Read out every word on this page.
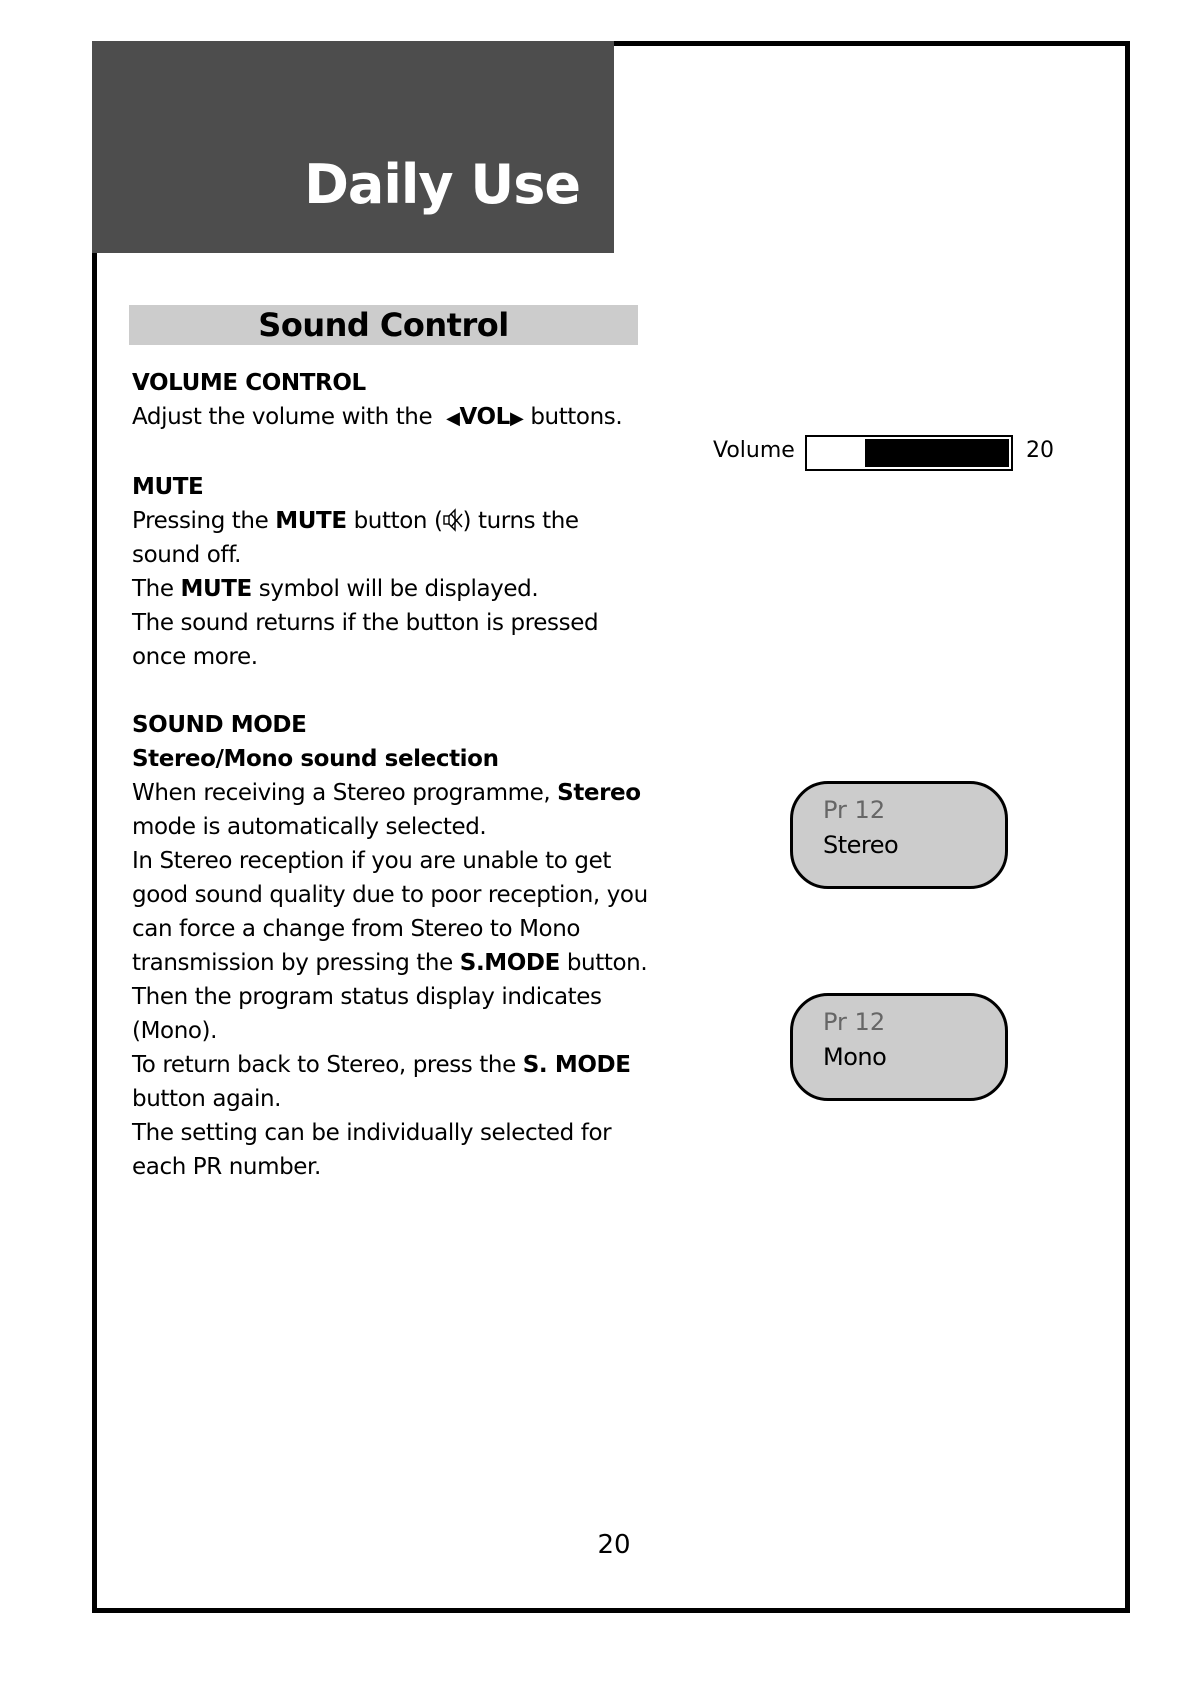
Daily Use
Sound Control

VOLUME CONTROL

Adjust the volume with the ◀VOL▶ buttons.

MUTE

Pressing the MUTE button ( ) turns the sound off.

The MUTE symbol will be displayed.

The sound returns if the button is pressed once more.

SOUND MODE

Stereo/Mono sound selection

When receiving a Stereo programme, Stereo mode is automatically selected.

In Stereo reception if you are unable to get good sound quality due to poor reception, you can force a change from Stereo to Mono transmission by pressing the S.MODE button.

Then the program status display indicates (Mono).

To return back to Stereo, press the S. MODE button again.

The setting can be individually selected for each PR number.

Volume	20
Pr 12
Stereo
Pr 12
Mono
20
